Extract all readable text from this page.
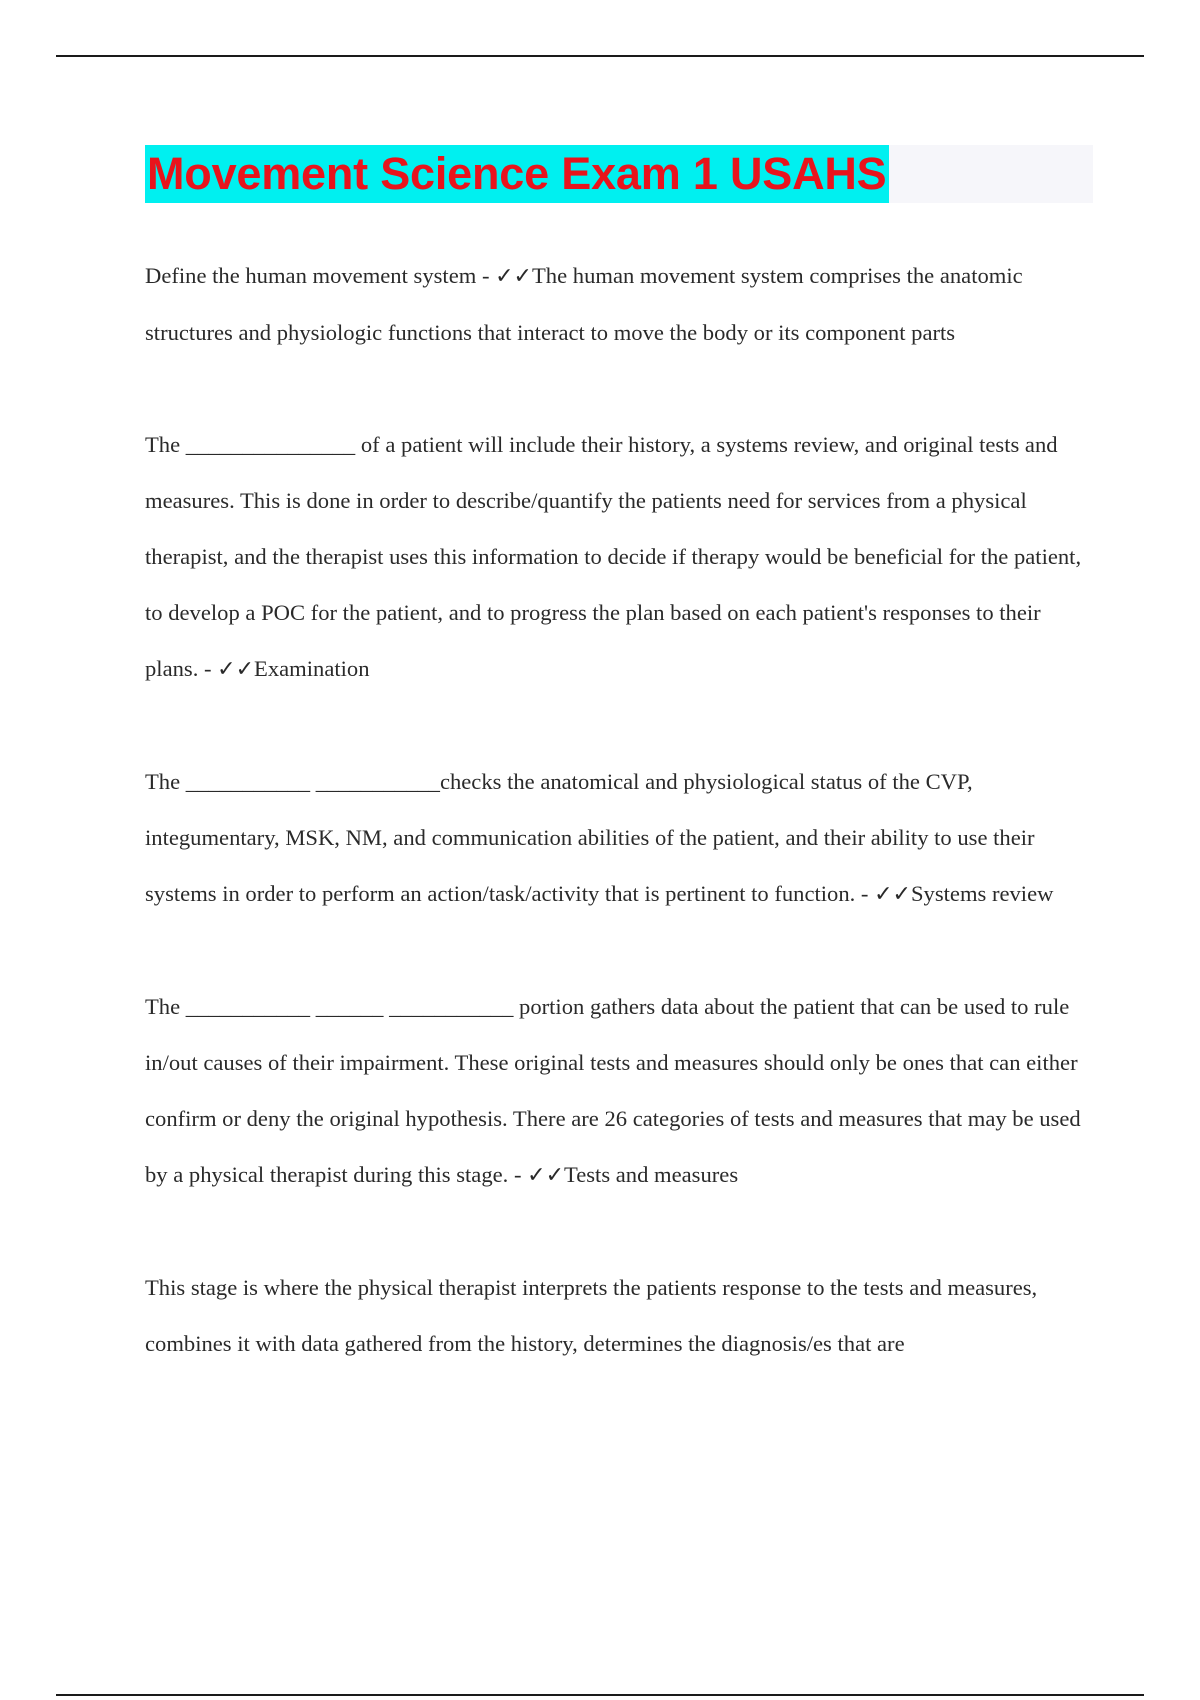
Movement Science Exam 1 USAHS

Define the human movement system - ✓✓The human movement system comprises the anatomic structures and physiologic functions that interact to move the body or its component parts

The _______________ of a patient will include their history, a systems review, and original tests and measures. This is done in order to describe/quantify the patients need for services from a physical therapist, and the therapist uses this information to decide if therapy would be beneficial for the patient, to develop a POC for the patient, and to progress the plan based on each patient's responses to their plans. - ✓✓Examination

The ___________ ___________checks the anatomical and physiological status of the CVP, integumentary, MSK, NM, and communication abilities of the patient, and their ability to use their systems in order to perform an action/task/activity that is pertinent to function. - ✓✓Systems review

The ___________ ______ ___________ portion gathers data about the patient that can be used to rule in/out causes of their impairment. These original tests and measures should only be ones that can either confirm or deny the original hypothesis. There are 26 categories of tests and measures that may be used by a physical therapist during this stage. - ✓✓Tests and measures

This stage is where the physical therapist interprets the patients response to the tests and measures, combines it with data gathered from the history, determines the diagnosis/es that are
